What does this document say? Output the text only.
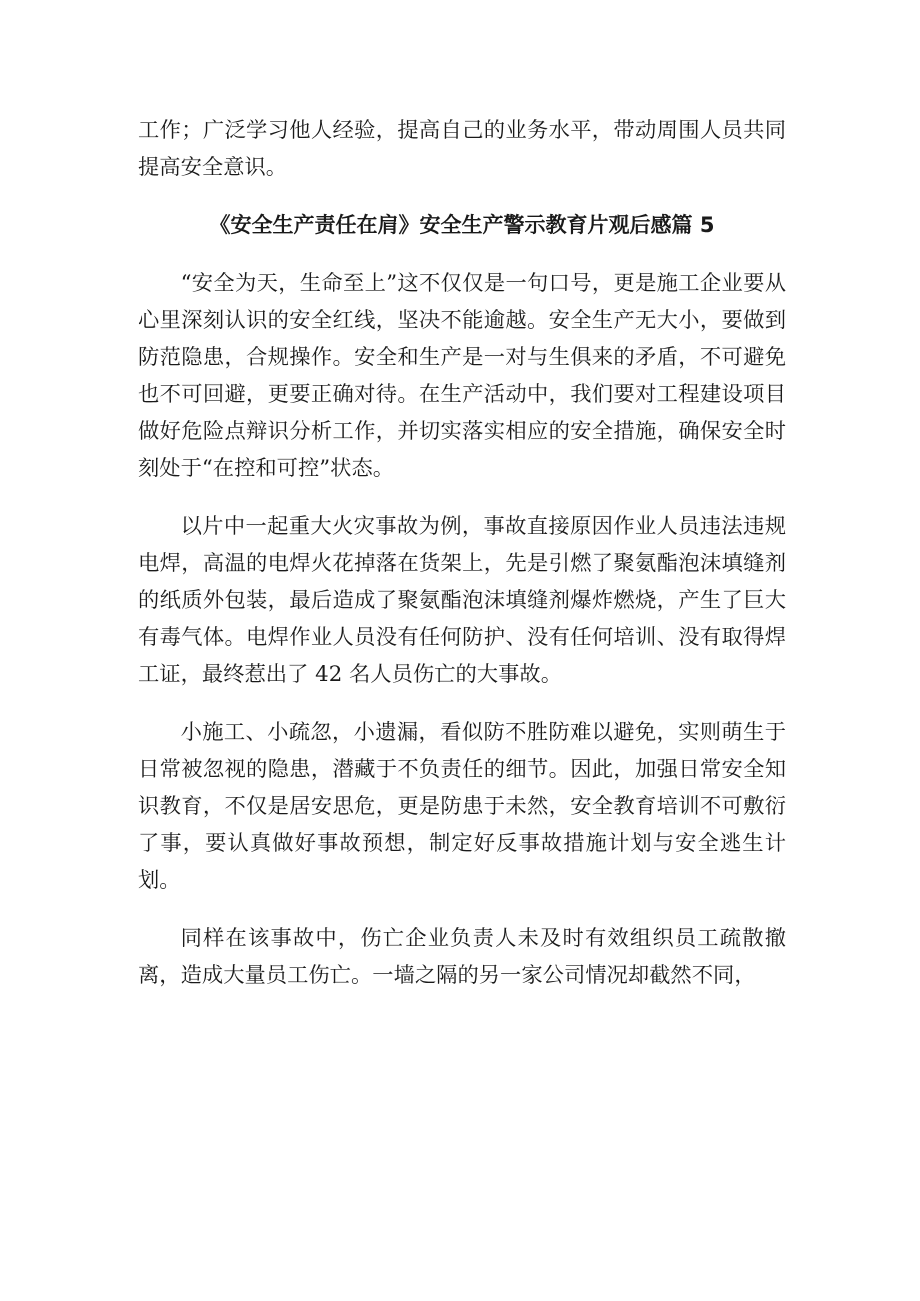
工作；广泛学习他人经验，提高自己的业务水平，带动周围人员共同提高安全意识。

《安全生产责任在肩》安全生产警示教育片观后感篇 5

“安全为天，生命至上”这不仅仅是一句口号，更是施工企业要从心里深刻认识的安全红线，坚决不能逾越。安全生产无大小，要做到防范隐患，合规操作。安全和生产是一对与生俱来的矛盾，不可避免也不可回避，更要正确对待。在生产活动中，我们要对工程建设项目做好危险点辩识分析工作，并切实落实相应的安全措施，确保安全时刻处于“在控和可控”状态。

以片中一起重大火灾事故为例，事故直接原因作业人员违法违规电焊，高温的电焊火花掉落在货架上，先是引燃了聚氨酯泡沫填缝剂的纸质外包装，最后造成了聚氨酯泡沫填缝剂爆炸燃烧，产生了巨大有毒气体。电焊作业人员没有任何防护、没有任何培训、没有取得焊工证，最终惹出了 42 名人员伤亡的大事故。

小施工、小疏忽，小遗漏，看似防不胜防难以避免，实则萌生于日常被忽视的隐患，潜藏于不负责任的细节。因此，加强日常安全知识教育，不仅是居安思危，更是防患于未然，安全教育培训不可敷衍了事，要认真做好事故预想，制定好反事故措施计划与安全逃生计划。

同样在该事故中，伤亡企业负责人未及时有效组织员工疏散撤离，造成大量员工伤亡。一墙之隔的另一家公司情况却截然不同，
